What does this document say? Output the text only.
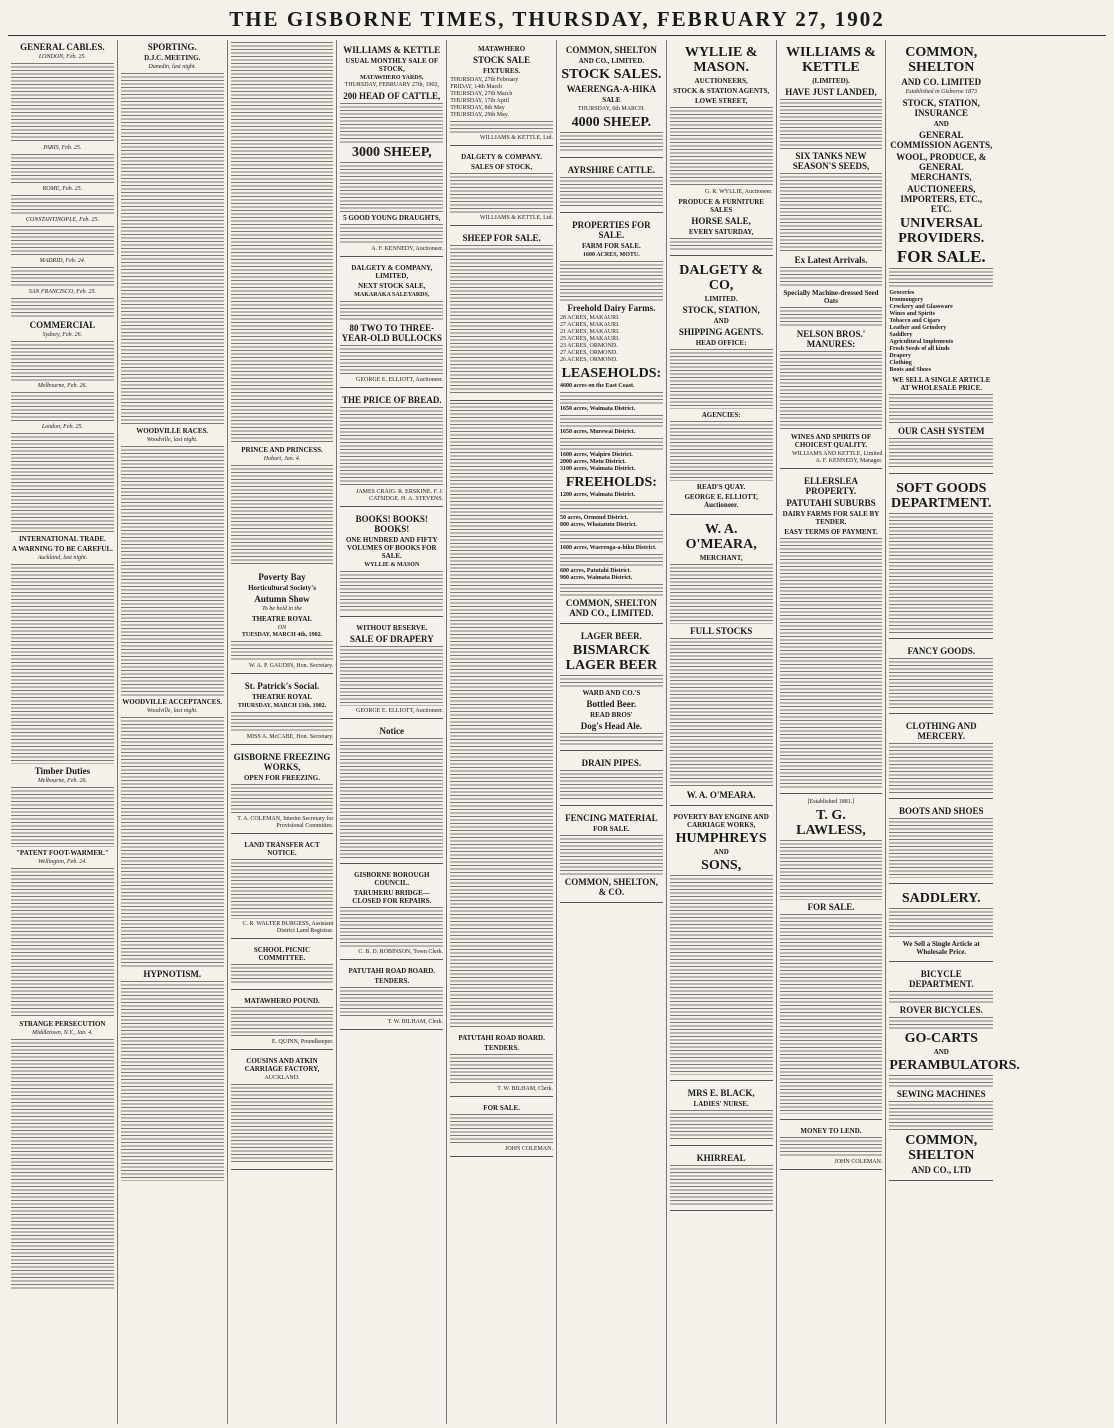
THE GISBORNE TIMES, THURSDAY, FEBRUARY 27, 1902
GENERAL CABLES.
LONDON, Feb. 25.
PARIS, Feb. 25.
ROME, Feb. 25.
CONSTANTINOPLE, Feb. 25.
MADRID, Feb. 24.
SAN FRANCISCO, Feb. 25.
COMMERCIAL
Sydney, Feb. 26.
Melbourne, Feb. 26.
London, Feb. 25.
INTERNATIONAL TRADE.
A WARNING TO BE CAREFUL.
Auckland, last night.
Timber Duties
Melbourne, Feb. 26.
"PATENT FOOT-WARMER."
Wellington, Feb. 24.
STRANGE PERSECUTION
Middletown, N.Y., Jan. 4.
SPORTING.
D.J.C. MEETING.
Dunedin, last night.
WOODVILLE RACES.
Woodville, last night.
WOODVILLE ACCEPTANCES.
Woodville, last night.
HYPNOTISM.
PRINCE AND PRINCESS.
Hobart, Jan. 4.
Poverty Bay
Horticultural Society's
Autumn Show
To be held in the
THEATRE ROYAL
ON
TUESDAY, MARCH 4th, 1902.
W. A. P. GAUDIN, Hon. Secretary.
St. Patrick's Social.
THEATRE ROYAL
THURSDAY, MARCH 13th, 1902.
MISS A. McCABE, Hon. Secretary.
GISBORNE FREEZING WORKS,
OPEN FOR FREEZING.
T. A. COLEMAN, Interim Secretary for Provisional Committee.
LAND TRANSFER ACT NOTICE.
C. R. WALTER BURGESS, Assistant District Land Registrar.
SCHOOL PICNIC COMMITTEE.
MATAWHERO POUND.
E. QUINN, Poundkeeper.
COUSINS AND ATKIN CARRIAGE FACTORY,
AUCKLAND.
WILLIAMS & KETTLE
USUAL MONTHLY SALE OF STOCK,
MATAWHERO YARDS,
THURSDAY, FEBRUARY 27th, 1902,
200 HEAD OF CATTLE,
3000 SHEEP,
5 GOOD YOUNG DRAUGHTS,
A. F. KENNEDY, Auctioneer.
DALGETY & COMPANY, LIMITED,
NEXT STOCK SALE,
MAKARAKA SALEYARDS,
80 TWO TO THREE-YEAR-OLD BULLOCKS
GEORGE E. ELLIOTT, Auctioneer.
THE PRICE OF BREAD.
JAMES CRAIG. R. ERSKINE. F. J. CATSIDGE. H. A. STEVENS.
BOOKS! BOOKS! BOOKS!
ONE HUNDRED AND FIFTY VOLUMES OF BOOKS FOR SALE.
WYLLIE & MASON
WITHOUT RESERVE.
SALE OF DRAPERY
GEORGE E. ELLIOTT, Auctioneer.
Notice
GISBORNE BOROUGH COUNCIL.
TARUHERU BRIDGE—CLOSED FOR REPAIRS.
C. B. D. ROBINSON, Town Clerk.
PATUTAHI ROAD BOARD.
TENDERS.
T. W. BILHAM, Clerk.
MATAWHERO
STOCK SALE
FIXTURES.
THURSDAY, 27th February
FRIDAY, 14th March
THURSDAY, 27th March
THURSDAY, 17th April
THURSDAY, 8th May
THURSDAY, 29th May.
WILLIAMS & KETTLE, Ltd.
DALGETY & COMPANY.
SALES OF STOCK,
WILLIAMS & KETTLE, Ltd.
SHEEP FOR SALE.
PATUTAHI ROAD BOARD.
TENDERS.
T. W. BILHAM, Clerk.
FOR SALE.
JOHN COLEMAN.
COMMON, SHELTON
AND CO., LIMITED.
STOCK SALES.
WAERENGA-A-HIKA
SALE
THURSDAY, 6th MARCH.
4000 SHEEP.
AYRSHIRE CATTLE.
PROPERTIES FOR SALE.
FARM FOR SALE.
1600 ACRES, MOTU.
Freehold Dairy Farms.
28 ACRES, MAKAURI.
27 ACRES, MAKAURI.
21 ACRES, MAKAURI.
25 ACRES, MAKAURI.
23 ACRES, ORMOND.
27 ACRES, ORMOND.
26 ACRES, ORMOND.
LEASEHOLDS:
4600 acres on the East Coast.
1650 acres, Waimata District.
1650 acres, Murewai District.
1600 acres, Waipiro District.
2000 acres, Motu District.
3100 acres, Waimata District.
FREEHOLDS:
1200 acres, Waimata District.
50 acres, Ormond District.
800 acres, Whatatutu District.
1600 acres, Waerenga-a-hiku District.
600 acres, Patutahi District.
900 acres, Waimata District.
COMMON, SHELTON AND CO., LIMITED.
LAGER BEER.
BISMARCK LAGER BEER
WARD AND CO.'S
Bottled Beer.
READ BROS'
Dog's Head Ale.
DRAIN PIPES.
FENCING MATERIAL
FOR SALE.
COMMON, SHELTON, & CO.
WYLLIE & MASON.
AUCTIONEERS,
STOCK & STATION AGENTS,
LOWE STREET,
G. R. WYLLIE, Auctioneer.
PRODUCE & FURNITURE SALES
HORSE SALE,
EVERY SATURDAY,
DALGETY & CO,
LIMITED.
STOCK, STATION,
AND
SHIPPING AGENTS.
HEAD OFFICE:
AGENCIES:
READ'S QUAY.
GEORGE E. ELLIOTT, Auctioneer.
W. A. O'MEARA,
MERCHANT,
FULL STOCKS
W. A. O'MEARA.
POVERTY BAY ENGINE AND CARRIAGE WORKS,
HUMPHREYS
AND
SONS,
MRS E. BLACK,
LADIES' NURSE.
KHIRREAL
WILLIAMS & KETTLE
(LIMITED).
HAVE JUST LANDED,
SIX TANKS NEW SEASON'S SEEDS,
Ex Latest Arrivals.
Specially Machine-dressed Seed Oats
NELSON BROS.' MANURES:
WINES AND SPIRITS OF CHOICEST QUALITY.
WILLIAMS AND KETTLE, Limited
A. F. KENNEDY, Manager.
ELLERSLEA PROPERTY.
PATUTAHI SUBURBS
DAIRY FARMS FOR SALE BY TENDER.
EASY TERMS OF PAYMENT.
[Established 1881.]
T. G. LAWLESS,
FOR SALE.
MONEY TO LEND.
JOHN COLEMAN.
COMMON, SHELTON
AND CO. LIMITED
Established in Gisborne 1873
STOCK, STATION, INSURANCE
AND
GENERAL COMMISSION AGENTS,
WOOL, PRODUCE, & GENERAL MERCHANTS,
AUCTIONEERS, IMPORTERS, ETC., ETC.
UNIVERSAL PROVIDERS.
FOR SALE.
Groceries
Ironmongery
Crockery and Glassware
Wines and Spirits
Tobacco and Cigars
Leather and Grindery
Saddlery
Agricultural Implements
Fresh Seeds of all kinds
Drapery
Clothing
Boots and Shoes
WE SELL A SINGLE ARTICLE AT WHOLESALE PRICE.
OUR CASH SYSTEM
SOFT GOODS DEPARTMENT.
FANCY GOODS.
CLOTHING AND MERCERY.
BOOTS AND SHOES
SADDLERY.
We Sell a Single Article at Wholesale Price.
BICYCLE DEPARTMENT.
ROVER BICYCLES.
GO-CARTS
AND
PERAMBULATORS.
SEWING MACHINES
COMMON, SHELTON
AND CO., LTD
